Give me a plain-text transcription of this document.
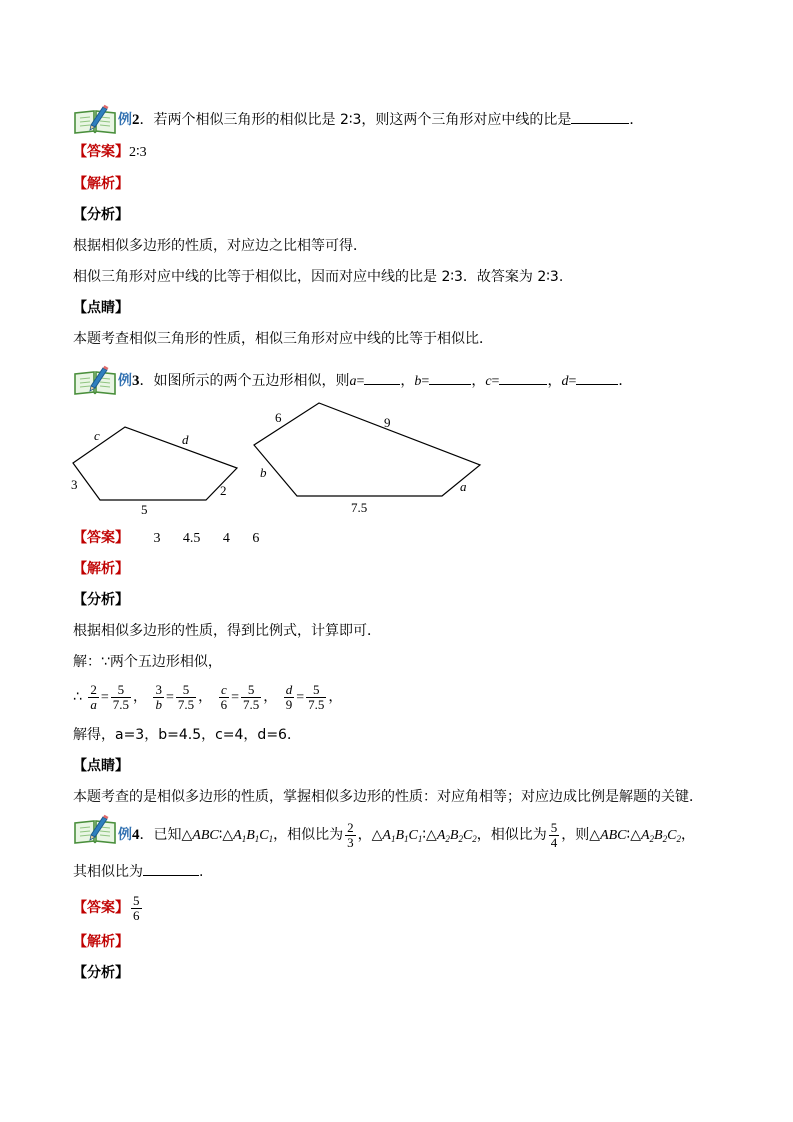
例2．若两个相似三角形的相似比是 2∶3，则这两个三角形对应中线的比是	．
【答案】2∶3
【解析】
【分析】
根据相似多边形的性质，对应边之比相等可得．
相似三角形对应中线的比等于相似比，因而对应中线的比是 2∶3．故答案为 2∶3.
【点睛】
本题考查相似三角形的性质，相似三角形对应中线的比等于相似比．
例3．如图所示的两个五边形相似，则a=	，b=	，c=	，d=	．
c	d
3
5
2
6	9
b
7.5
a
【答案】 3 4.5 4 6
【解析】
【分析】
根据相似多边形的性质，得到比例式，计算即可．
解：∵两个五边形相似，
∴ $\frac{2}{a} = \frac{5}{7.5}$ ， $\frac{3}{b} = \frac{5}{7.5}$ ， $\frac{c}{6} = \frac{5}{7.5}$ ， $\frac{d}{9} = \frac{5}{7.5}$ ，
解得，a=3，b=4.5，c=4，d=6．
【点睛】
本题考查的是相似多边形的性质，掌握相似多边形的性质：对应角相等；对应边成比例是解题的关键．
例4．已知$\triangle ABC∶\triangle A_1B_1C_1$，相似比为 $\frac{2}{3}$ ，$\triangle A_1B_1C_1∶\triangle A_2B_2C_2$，相似比为 $\frac{5}{4}$ ，则$\triangle ABC∶\triangle A_2B_2C_2$，
其相似比为	.
【答案】 $\frac{5}{6}$
【解析】
【分析】
